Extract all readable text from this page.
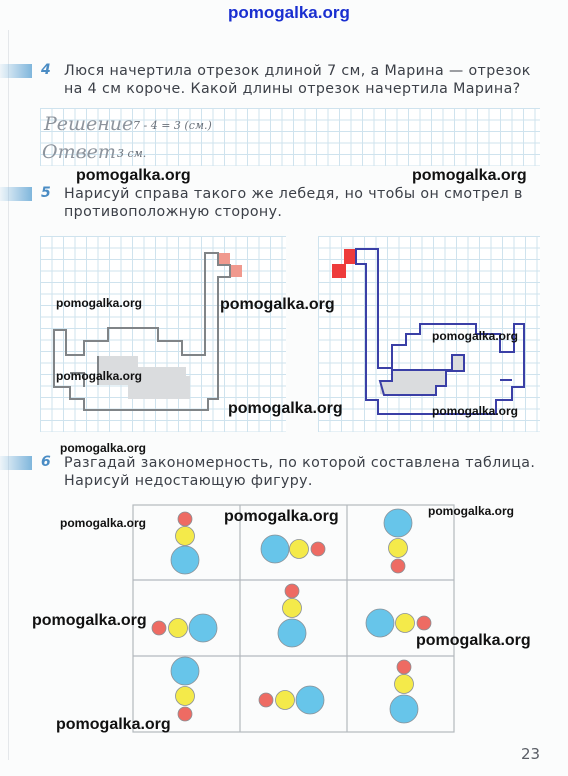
pomogalka.org
4 Люся начертила отрезок длиной 7 см, а Марина — отрезок
на 4 см короче. Какой длины отрезок начертила Марина?
Решение 7 - 4 = 3 (см.)
Ответ 3 см.
pomogalka.org	pomogalka.org
5 Нарисуй справа такого же лебедя, но чтобы он смотрел в
противоположную сторону.
pomogalka.org	pomogalka.org
pomogalka.org
pomogalka.org
pomogalka.org	pomogalka.org
pomogalka.org
6 Разгадай закономерность, по которой составлена таблица.
Нарисуй недостающую фигуру.
pomogalka.org	pomogalka.org	pomogalka.org
pomogalka.org
pomogalka.org
pomogalka.org
23
